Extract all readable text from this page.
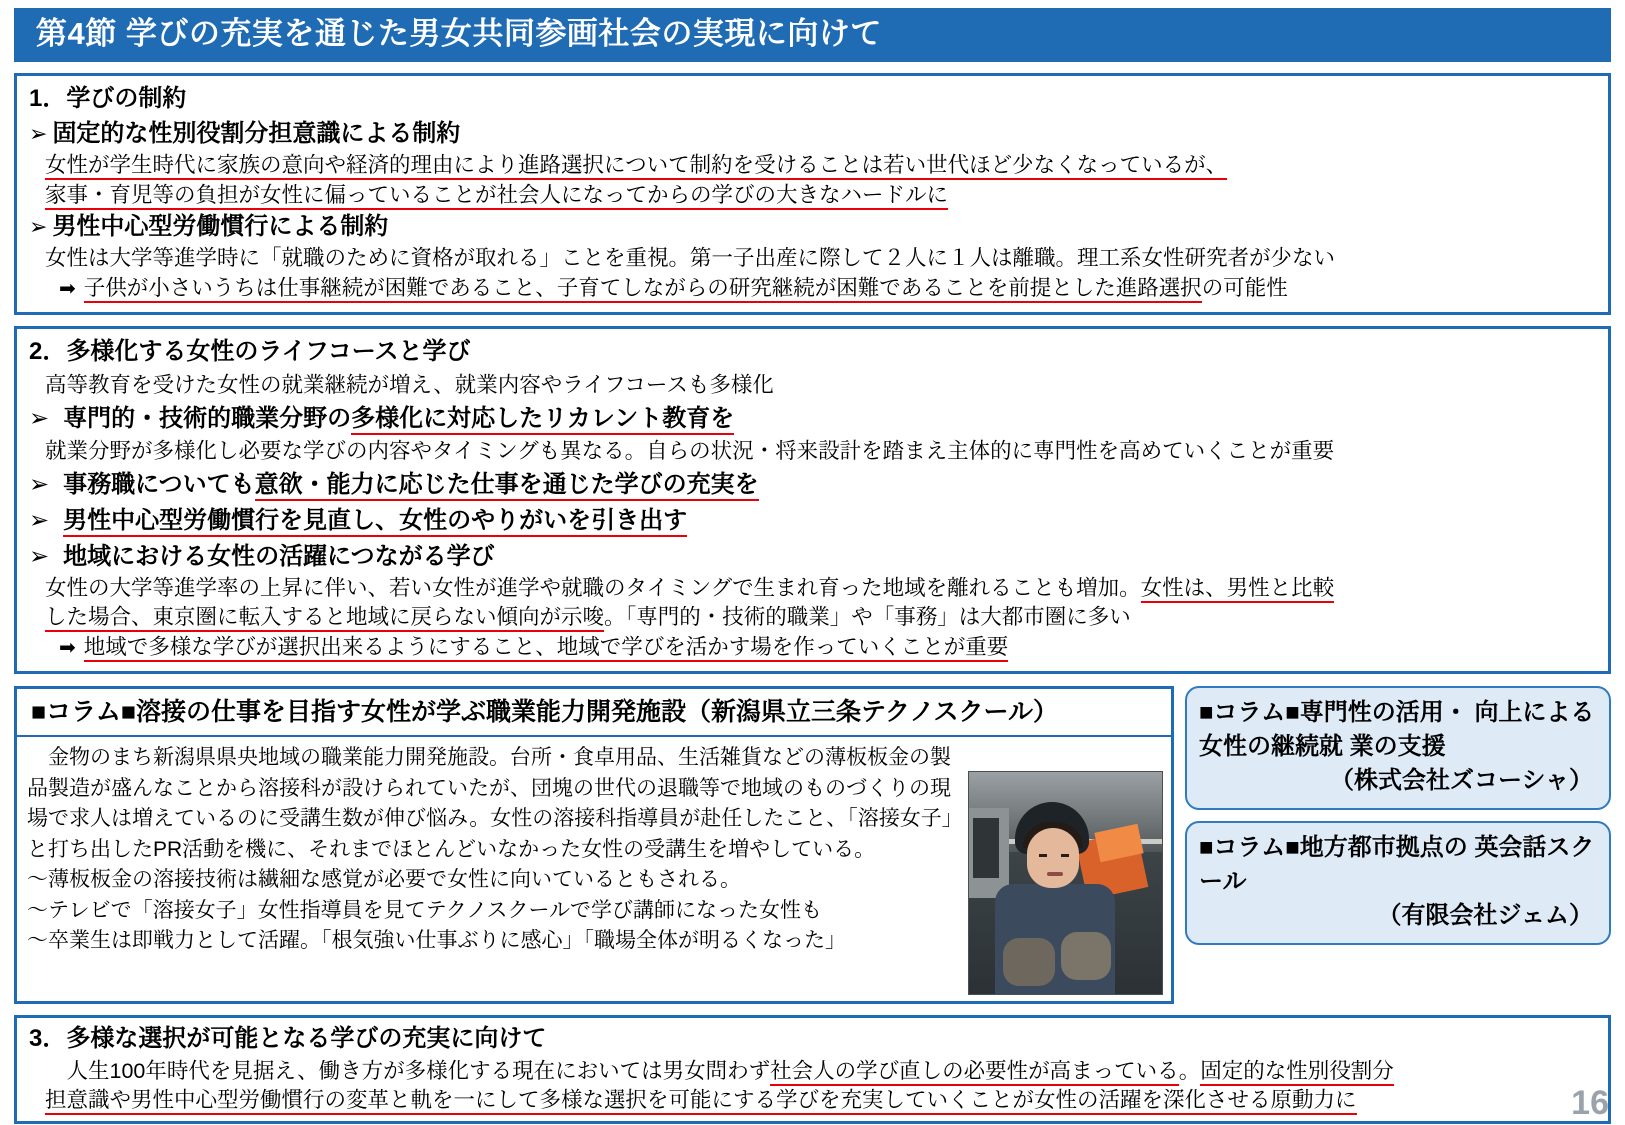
第4節 学びの充実を通じた男女共同参画社会の実現に向けて
1．学びの制約
➢ 固定的な性別役割分担意識による制約
女性が学生時代に家族の意向や経済的理由により進路選択について制約を受けることは若い世代ほど少なくなっているが、
家事・育児等の負担が女性に偏っていることが社会人になってからの学びの大きなハードルに
➢ 男性中心型労働慣行による制約
女性は大学等進学時に「就職のために資格が取れる」ことを重視。第一子出産に際して２人に１人は離職。理工系女性研究者が少ない
➡ 子供が小さいうちは仕事継続が困難であること、子育てしながらの研究継続が困難であることを前提とした進路選択の可能性
2．多様化する女性のライフコースと学び
高等教育を受けた女性の就業継続が増え、就業内容やライフコースも多様化
➢ 専門的・技術的職業分野の多様化に対応したリカレント教育を
就業分野が多様化し必要な学びの内容やタイミングも異なる。自らの状況・将来設計を踏まえ主体的に専門性を高めていくことが重要
➢ 事務職についても意欲・能力に応じた仕事を通じた学びの充実を
➢ 男性中心型労働慣行を見直し、女性のやりがいを引き出す
➢ 地域における女性の活躍につながる学び
女性の大学等進学率の上昇に伴い、若い女性が進学や就職のタイミングで生まれ育った地域を離れることも増加。女性は、男性と比較
した場合、東京圏に転入すると地域に戻らない傾向が示唆。「専門的・技術的職業」や「事務」は大都市圏に多い
➡ 地域で多様な学びが選択出来るようにすること、地域で学びを活かす場を作っていくことが重要
■コラム■溶接の仕事を目指す女性が学ぶ職業能力開発施設（新潟県立三条テクノスクール）

　金物のまち新潟県県央地域の職業能力開発施設。台所・食卓用品、生活雑貨などの薄板板金の製品製造が盛んなことから溶接科が設けられていたが、団塊の世代の退職等で地域のものづくりの現場で求人は増えているのに受講生数が伸び悩み。女性の溶接科指導員が赴任したこと、「溶接女子」と打ち出したPR活動を機に、それまでほとんどいなかった女性の受講生を増やしている。

～薄板板金の溶接技術は繊細な感覚が必要で女性に向いているともされる。

～テレビで「溶接女子」女性指導員を見てテクノスクールで学び講師になった女性も

～卒業生は即戦力として活躍。「根気強い仕事ぶりに感心」「職場全体が明るくなった」

■コラム■専門性の活用・ 向上による女性の継続就 業の支援
（株式会社ズコーシャ）
■コラム■地方都市拠点の 英会話スクール
（有限会社ジェム）
3．多様な選択が可能となる学びの充実に向けて
　人生100年時代を見据え、働き方が多様化する現在においては男女問わず社会人の学び直しの必要性が高まっている。固定的な性別役割分
担意識や男性中心型労働慣行の変革と軌を一にして多様な選択を可能にする学びを充実していくことが女性の活躍を深化させる原動力に	16
